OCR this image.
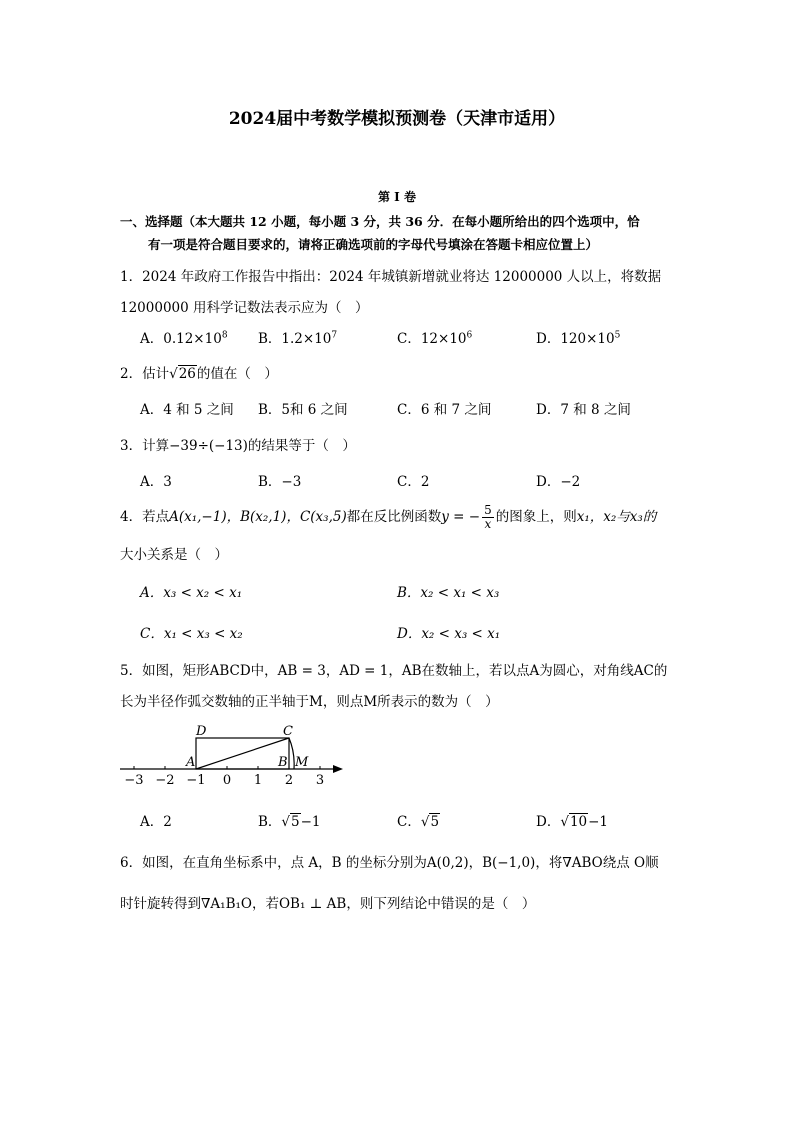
2024届中考数学模拟预测卷（天津市适用）
第 I 卷
一、选择题（本大题共 12 小题，每小题 3 分，共 36 分．在每小题所给出的四个选项中，恰
有一项是符合题目要求的，请将正确选项前的字母代号填涂在答题卡相应位置上）
1．2024 年政府工作报告中指出：2024 年城镇新增就业将达 12000000 人以上，将数据
12000000 用科学记数法表示应为（　）
A．$0.12\times 10^8$ B．$1.2\times 10^7$	C．$12\times 10^6$	D．$120\times 10^5$
2．估计√26的值在（　）
A．4 和 5 之间 B．5和 6 之间	C．6 和 7 之间	D．7 和 8 之间
3．计算−39÷(−13)的结果等于（　）
A．3	B．−3	C．2	D．−2
4．若点A(x₁,−1)，B(x₂,1)，C(x₃,5)都在反比例函数y = − $\frac{5}{x}$ 的图象上，则x₁，x₂与x₃的
大小关系是（　）
A．x₃ < x₂ < x₁	B．x₂ < x₁ < x₃
C．x₁ < x₃ < x₂	D．x₂ < x₃ < x₁
5．如图，矩形ABCD中，AB = 3，AD = 1，AB在数轴上，若以点A为圆心，对角线AC的
长为半径作弧交数轴的正半轴于M，则点M所表示的数为（　）
D	C
A	B M
−3 −2 −1 0 1 2 3
A．2	B．√5−1	C．√5	D．√10−1
6．如图，在直角坐标系中，点 A，B 的坐标分别为A(0,2)，B(−1,0)，将∇ABO绕点 O顺
时针旋转得到∇A₁B₁O，若OB₁ ⊥ AB，则下列结论中错误的是（　）
